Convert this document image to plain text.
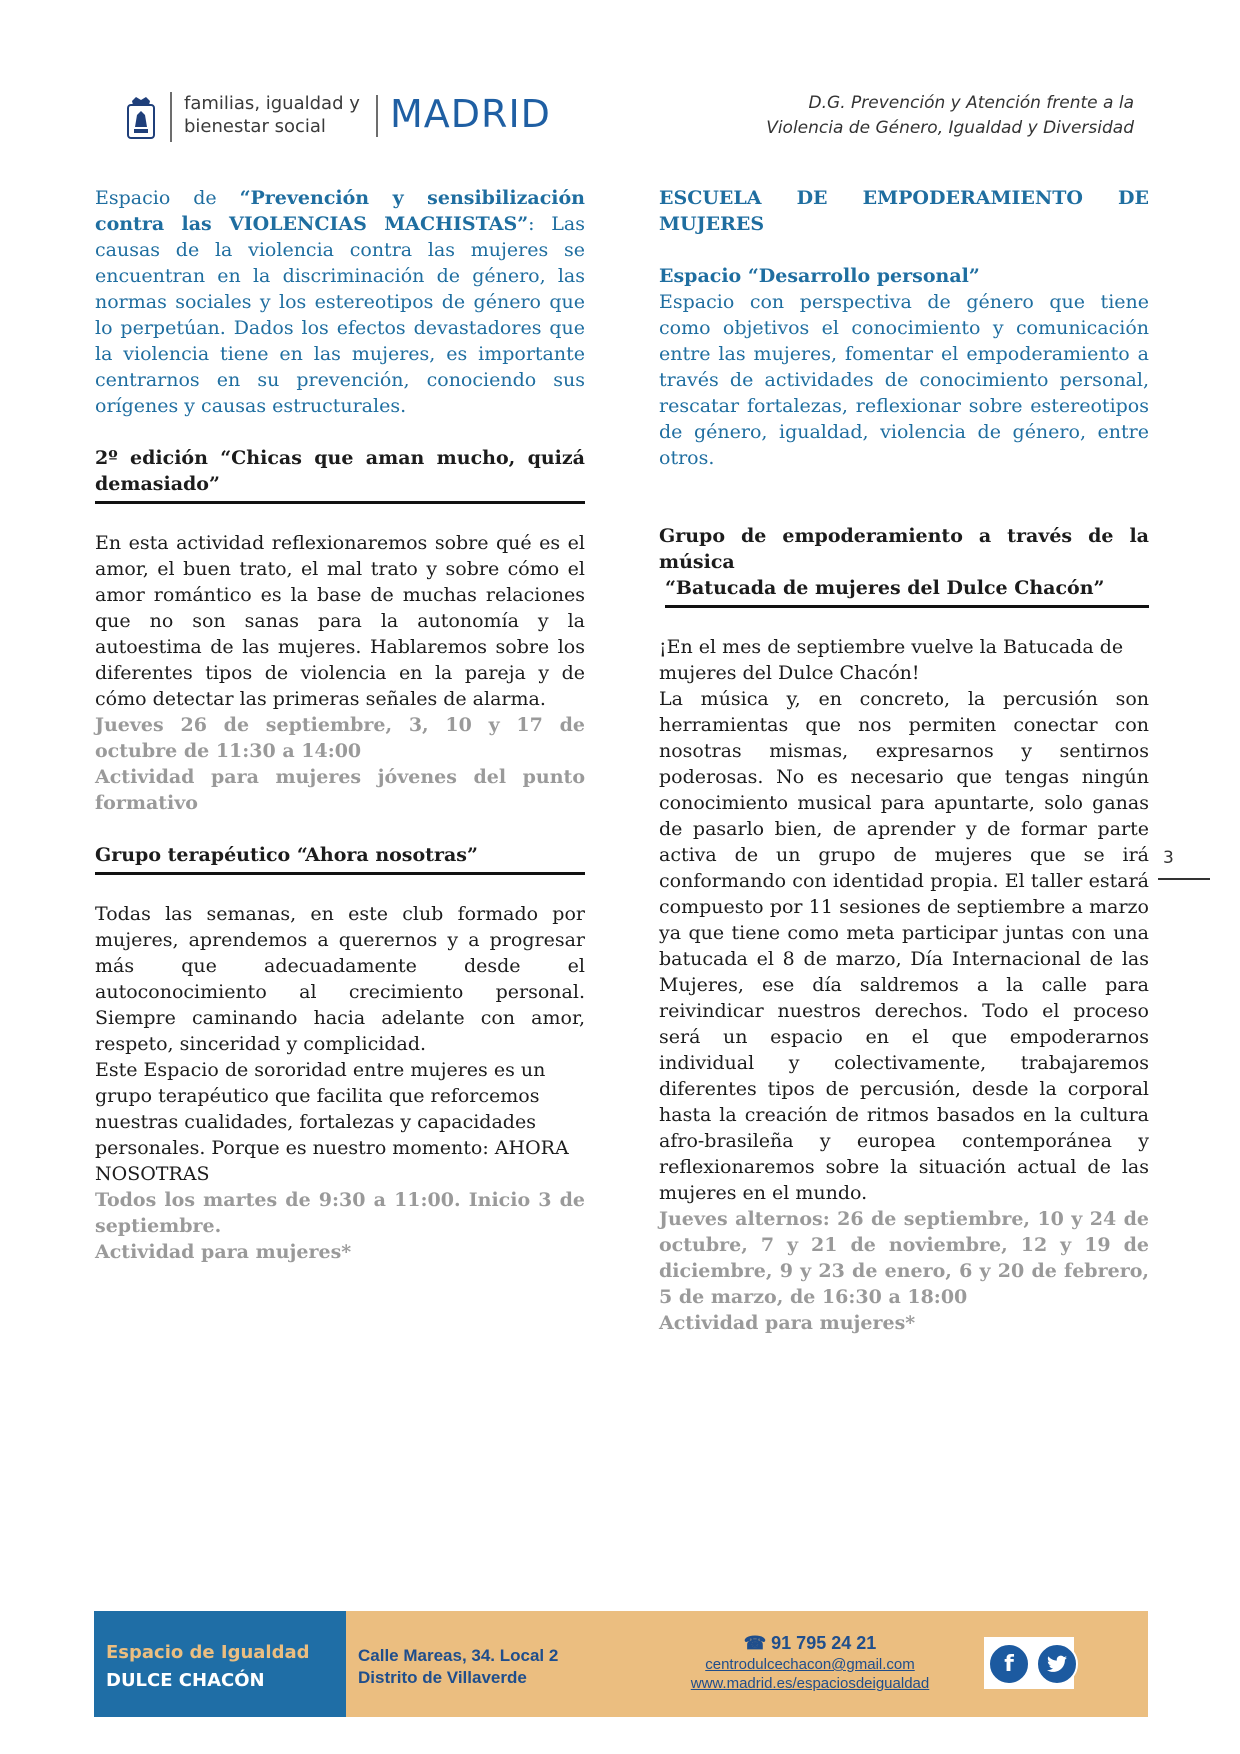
familias, igualdad y
bienestar social	MADRID	D.G. Prevención y Atención frente a la
Violencia de Género, Igualdad y Diversidad

Espacio de “Prevención y sensibilización contra las VIOLENCIAS MACHISTAS”: Las causas de la violencia contra las mujeres se encuentran en la discriminación de género, las normas sociales y los estereotipos de género que lo perpetúan. Dados los efectos devastadores que la violencia tiene en las mujeres, es importante centrarnos en su prevención, conociendo sus orígenes y causas estructurales.

2º edición “Chicas que aman mucho, quizá demasiado”

En esta actividad reflexionaremos sobre qué es el amor, el buen trato, el mal trato y sobre cómo el amor romántico es la base de muchas relaciones que no son sanas para la autonomía y la autoestima de las mujeres. Hablaremos sobre los diferentes tipos de violencia en la pareja y de cómo detectar las primeras señales de alarma.

Jueves 26 de septiembre, 3, 10 y 17 de octubre de 11:30 a 14:00

Actividad para mujeres jóvenes del punto formativo

Grupo terapéutico “Ahora nosotras”

Todas las semanas, en este club formado por mujeres, aprendemos a querernos y a progresar más que adecuadamente desde el autoconocimiento al crecimiento personal. Siempre caminando hacia adelante con amor, respeto, sinceridad y complicidad.

Este Espacio de sororidad entre mujeres es un grupo terapéutico que facilita que reforcemos nuestras cualidades, fortalezas y capacidades personales. Porque es nuestro momento: AHORA NOSOTRAS

Todos los martes de 9:30 a 11:00. Inicio 3 de septiembre.

Actividad para mujeres*

ESCUELA DE EMPODERAMIENTO DE MUJERES

Espacio “Desarrollo personal”

Espacio con perspectiva de género que tiene como objetivos el conocimiento y comunicación entre las mujeres, fomentar el empoderamiento a través de actividades de conocimiento personal, rescatar fortalezas, reflexionar sobre estereotipos de género, igualdad, violencia de género, entre otros.

Grupo de empoderamiento a través de la música

“Batucada de mujeres del Dulce Chacón”

¡En el mes de septiembre vuelve la Batucada de mujeres del Dulce Chacón!

La música y, en concreto, la percusión son herramientas que nos permiten conectar con nosotras mismas, expresarnos y sentirnos poderosas. No es necesario que tengas ningún conocimiento musical para apuntarte, solo ganas de pasarlo bien, de aprender y de formar parte activa de un grupo de mujeres que se irá conformando con identidad propia. El taller estará compuesto por 11 sesiones de septiembre a marzo ya que tiene como meta participar juntas con una batucada el 8 de marzo, Día Internacional de las Mujeres, ese día saldremos a la calle para reivindicar nuestros derechos. Todo el proceso será un espacio en el que empoderarnos individual y colectivamente, trabajaremos diferentes tipos de percusión, desde la corporal hasta la creación de ritmos basados en la cultura afro-brasileña y europea contemporánea y reflexionaremos sobre la situación actual de las mujeres en el mundo.

Jueves alternos: 26 de septiembre, 10 y 24 de octubre, 7 y 21 de noviembre, 12 y 19 de diciembre, 9 y 23 de enero, 6 y 20 de febrero, 5 de marzo, de 16:30 a 18:00

Actividad para mujeres*

3
Espacio de Igualdad
DULCE CHACÓN
Calle Mareas, 34. Local 2
Distrito de Villaverde
☎ 91 795 24 21
centrodulcechacon@gmail.com
www.madrid.es/espaciosdeigualdad
f
